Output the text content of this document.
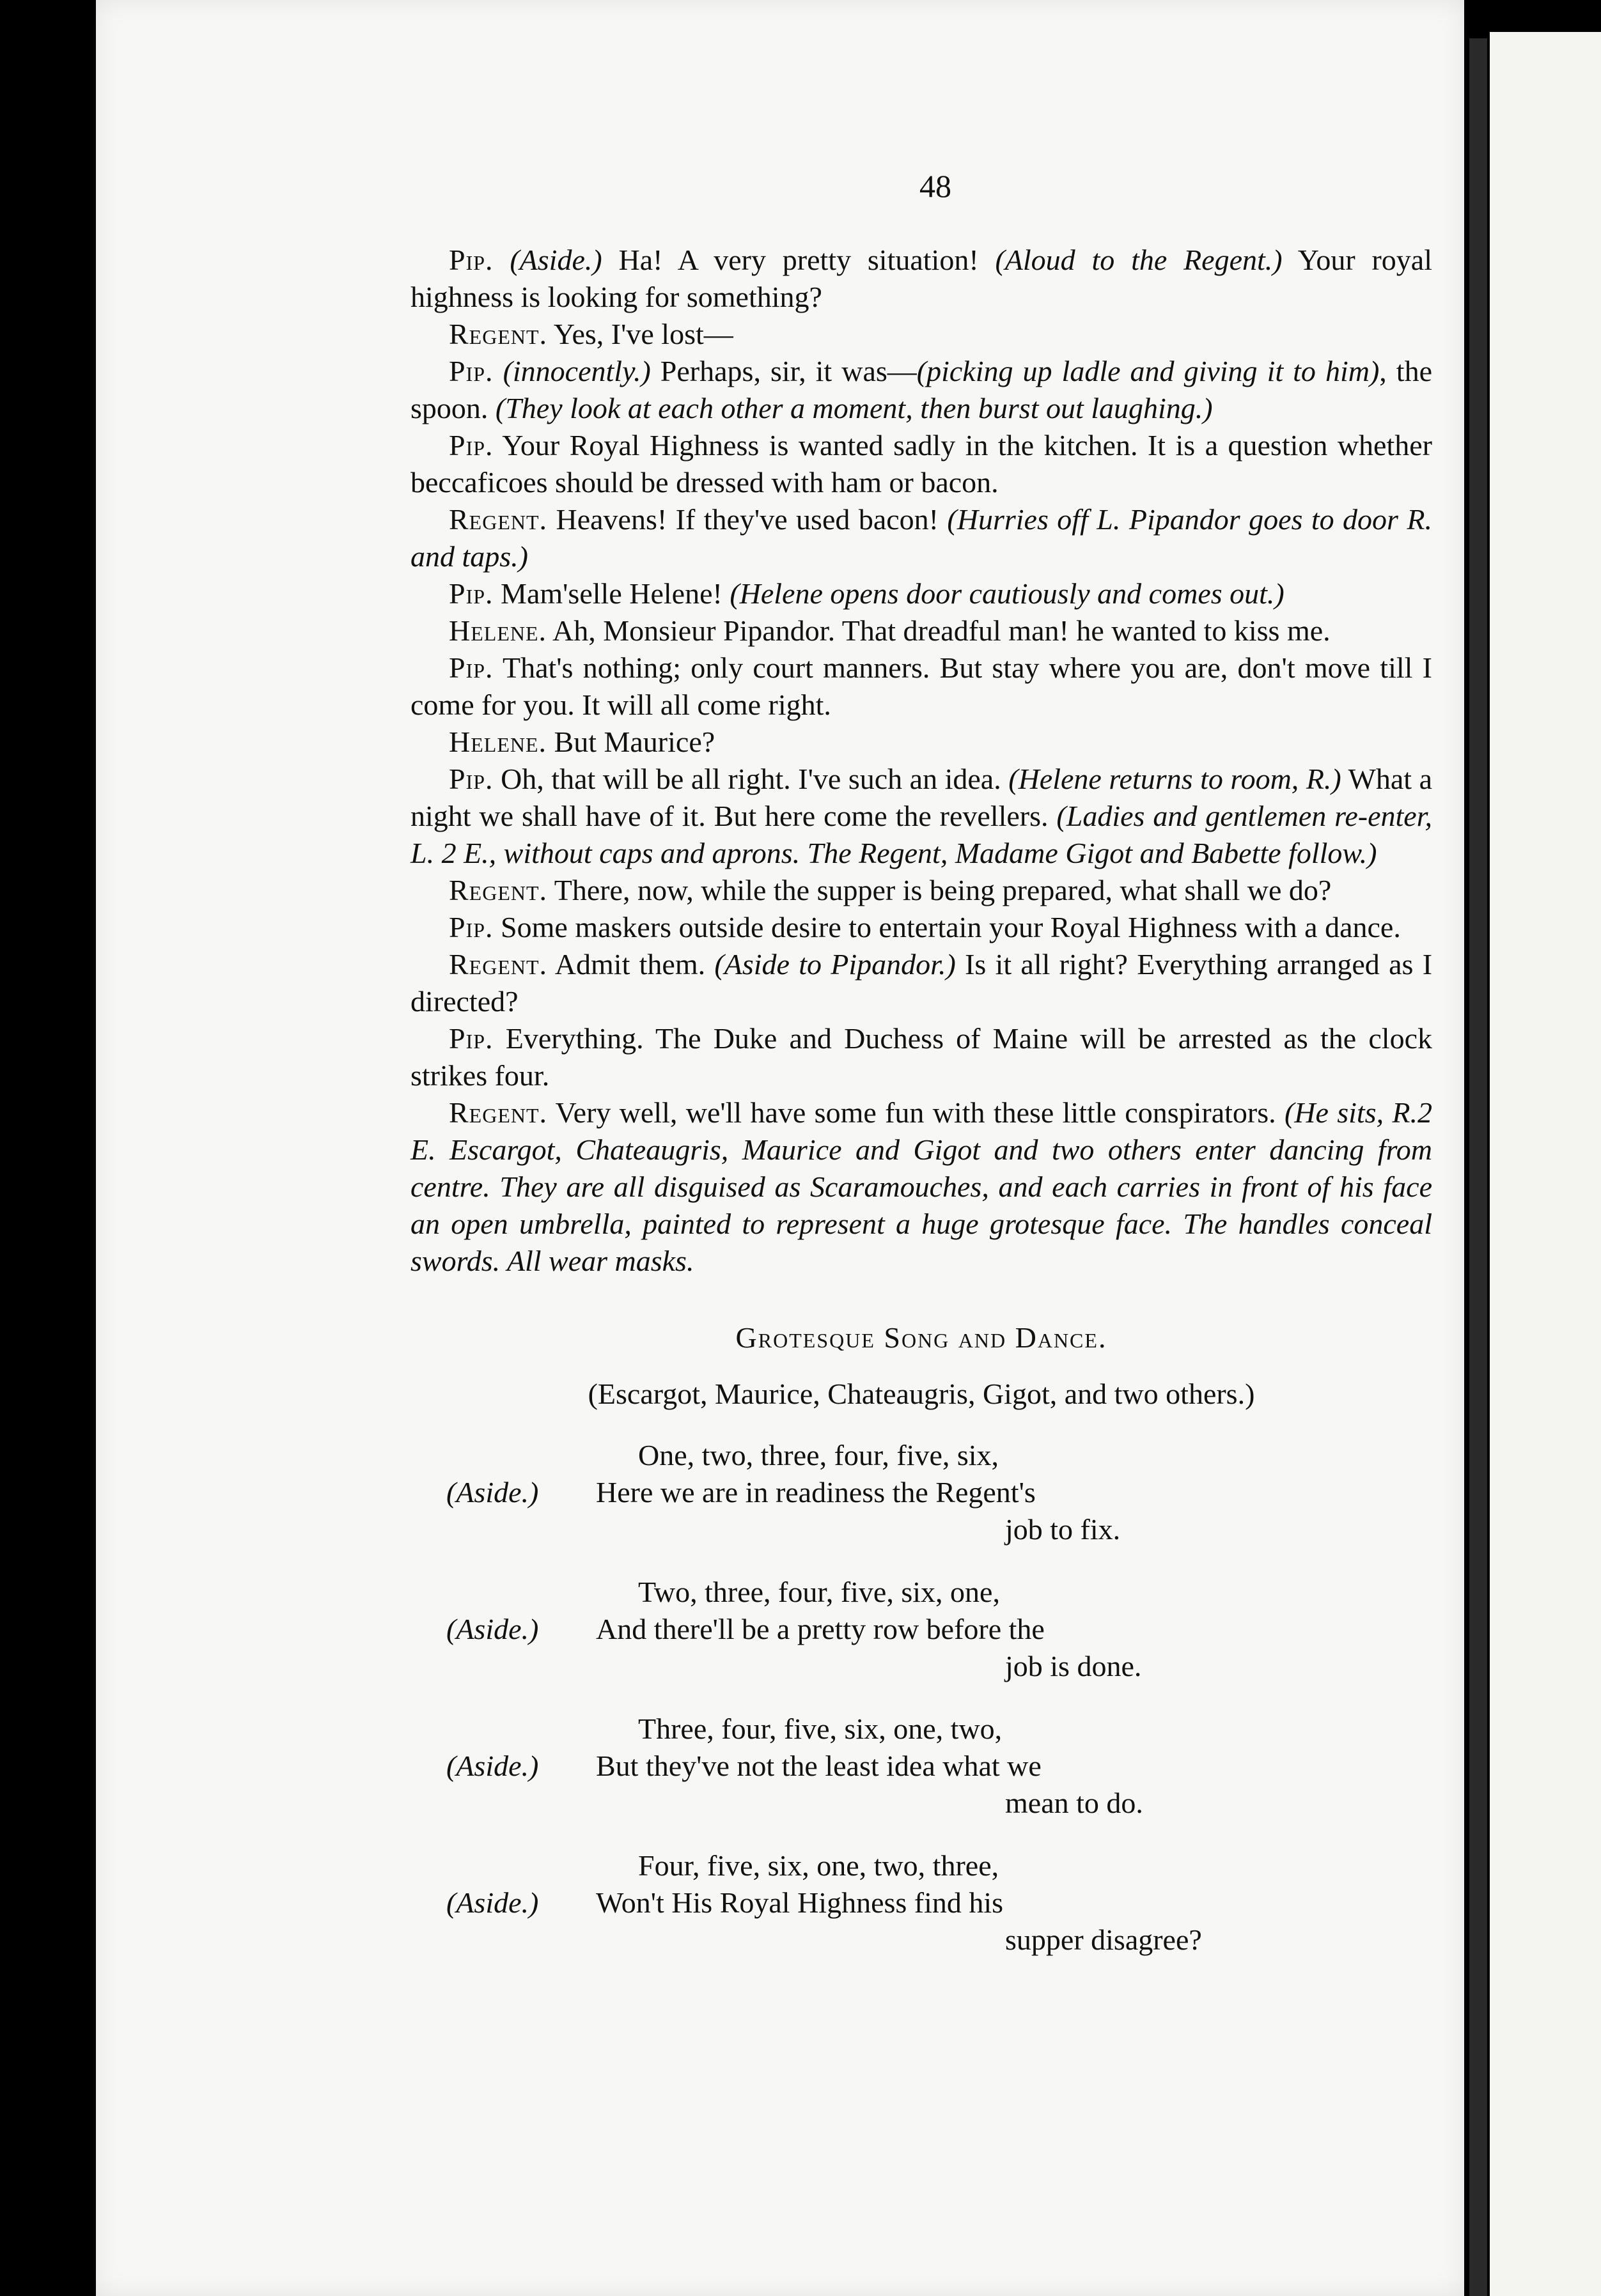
48

Pip. (Aside.) Ha! A very pretty situation! (Aloud to the Regent.) Your royal highness is looking for something?

Regent. Yes, I've lost—

Pip. (innocently.) Perhaps, sir, it was—(picking up ladle and giving it to him), the spoon. (They look at each other a moment, then burst out laughing.)

Pip. Your Royal Highness is wanted sadly in the kitchen. It is a question whether beccaficoes should be dressed with ham or bacon.

Regent. Heavens! If they've used bacon! (Hurries off L. Pipandor goes to door R. and taps.)

Pip. Mam'selle Helene! (Helene opens door cautiously and comes out.)

Helene. Ah, Monsieur Pipandor. That dreadful man! he wanted to kiss me.

Pip. That's nothing; only court manners. But stay where you are, don't move till I come for you. It will all come right.

Helene. But Maurice?

Pip. Oh, that will be all right. I've such an idea. (Helene returns to room, R.) What a night we shall have of it. But here come the revellers. (Ladies and gentlemen re-enter, L. 2 E., without caps and aprons. The Regent, Madame Gigot and Babette follow.)

Regent. There, now, while the supper is being prepared, what shall we do?

Pip. Some maskers outside desire to entertain your Royal Highness with a dance.

Regent. Admit them. (Aside to Pipandor.) Is it all right? Everything arranged as I directed?

Pip. Everything. The Duke and Duchess of Maine will be arrested as the clock strikes four.

Regent. Very well, we'll have some fun with these little conspirators. (He sits, R.2 E. Escargot, Chateaugris, Maurice and Gigot and two others enter dancing from centre. They are all disguised as Scaramouches, and each carries in front of his face an open umbrella, painted to represent a huge grotesque face. The handles conceal swords. All wear masks.

Grotesque Song and Dance.
(Escargot, Maurice, Chateaugris, Gigot, and two others.)
One, two, three, four, five, six,
(Aside.) Here we are in readiness the Regent's
job to fix.
Two, three, four, five, six, one,
(Aside.) And there'll be a pretty row before the
job is done.
Three, four, five, six, one, two,
(Aside.) But they've not the least idea what we
mean to do.
Four, five, six, one, two, three,
(Aside.) Won't His Royal Highness find his
supper disagree?
